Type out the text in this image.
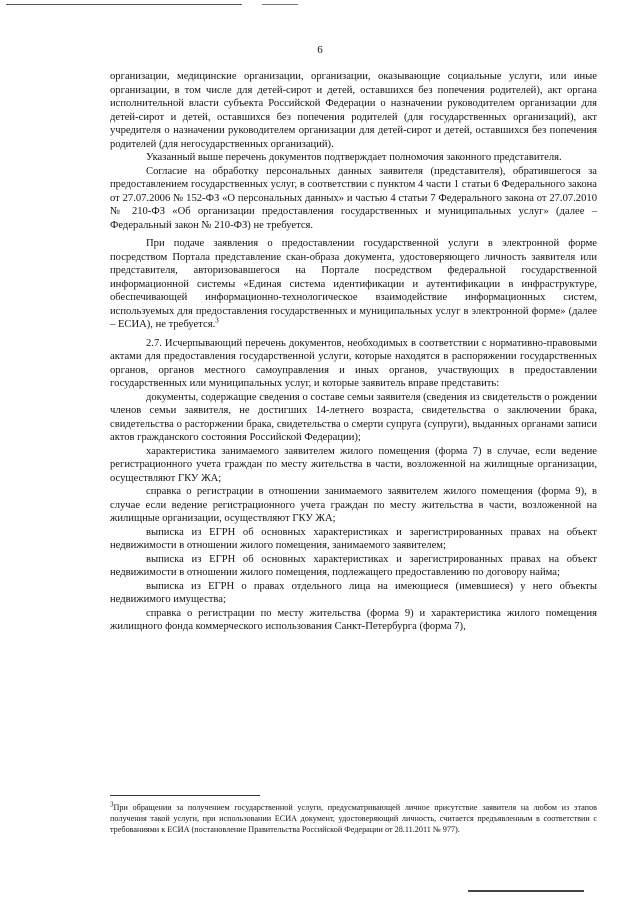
6

организации, медицинские организации, организации, оказывающие социальные услуги, или иные организации, в том числе для детей-сирот и детей, оставшихся без попечения родителей), акт органа исполнительной власти субъекта Российской Федерации о назначении руководителем организации для детей-сирот и детей, оставшихся без попечения родителей (для государственных организаций), акт учредителя о назначении руководителем организации для детей-сирот и детей, оставшихся без попечения родителей (для негосударственных организаций).

Указанный выше перечень документов подтверждает полномочия законного представителя.

Согласие на обработку персональных данных заявителя (представителя), обратившегося за предоставлением государственных услуг, в соответствии с пунктом 4 части 1 статьи 6 Федерального закона от 27.07.2006 № 152-ФЗ «О персональных данных» и частью 4 статьи 7 Федерального закона от 27.07.2010 № 210-ФЗ «Об организации предоставления государственных и муниципальных услуг» (далее – Федеральный закон № 210-ФЗ) не требуется.

При подаче заявления о предоставлении государственной услуги в электронной форме посредством Портала представление скан-образа документа, удостоверяющего личность заявителя или представителя, авторизовавшегося на Портале посредством федеральной государственной информационной системы «Единая система идентификации и аутентификации в инфраструктуре, обеспечивающей информационно-технологическое взаимодействие информационных систем, используемых для предоставления государственных и муниципальных услуг в электронной форме» (далее – ЕСИА), не требуется.$^3$

2.7. Исчерпывающий перечень документов, необходимых в соответствии с нормативно-правовыми актами для предоставления государственной услуги, которые находятся в распоряжении государственных органов, органов местного самоуправления и иных органов, участвующих в предоставлении государственных или муниципальных услуг, и которые заявитель вправе представить:

документы, содержащие сведения о составе семьи заявителя (сведения из свидетельств о рождении членов семьи заявителя, не достигших 14-летнего возраста, свидетельства о заключении брака, свидетельства о расторжении брака, свидетельства о смерти супруга (супруги), выданных органами записи актов гражданского состояния Российской Федерации);

характеристика занимаемого заявителем жилого помещения (форма 7) в случае, если ведение регистрационного учета граждан по месту жительства в части, возложенной на жилищные организации, осуществляют ГКУ ЖА;

справка о регистрации в отношении занимаемого заявителем жилого помещения (форма 9), в случае если ведение регистрационного учета граждан по месту жительства в части, возложенной на жилищные организации, осуществляют ГКУ ЖА;

выписка из ЕГРН об основных характеристиках и зарегистрированных правах на объект недвижимости в отношении жилого помещения, занимаемого заявителем;

выписка из ЕГРН об основных характеристиках и зарегистрированных правах на объект недвижимости в отношении жилого помещения, подлежащего предоставлению по договору найма;

выписка из ЕГРН о правах отдельного лица на имеющиеся (имевшиеся) у него объекты недвижимого имущества;

справка о регистрации по месту жительства (форма 9) и характеристика жилого помещения жилищного фонда коммерческого использования Санкт-Петербурга (форма 7),

$^3$При обращении за получением государственной услуги, предусматривающей личное присутствие заявителя на любом из этапов получения такой услуги, при использовании ЕСИА документ, удостоверяющий личность, считается предъявленным в соответствии с требованиями к ЕСИА (постановление Правительства Российской Федерации от 28.11.2011 № 977).
